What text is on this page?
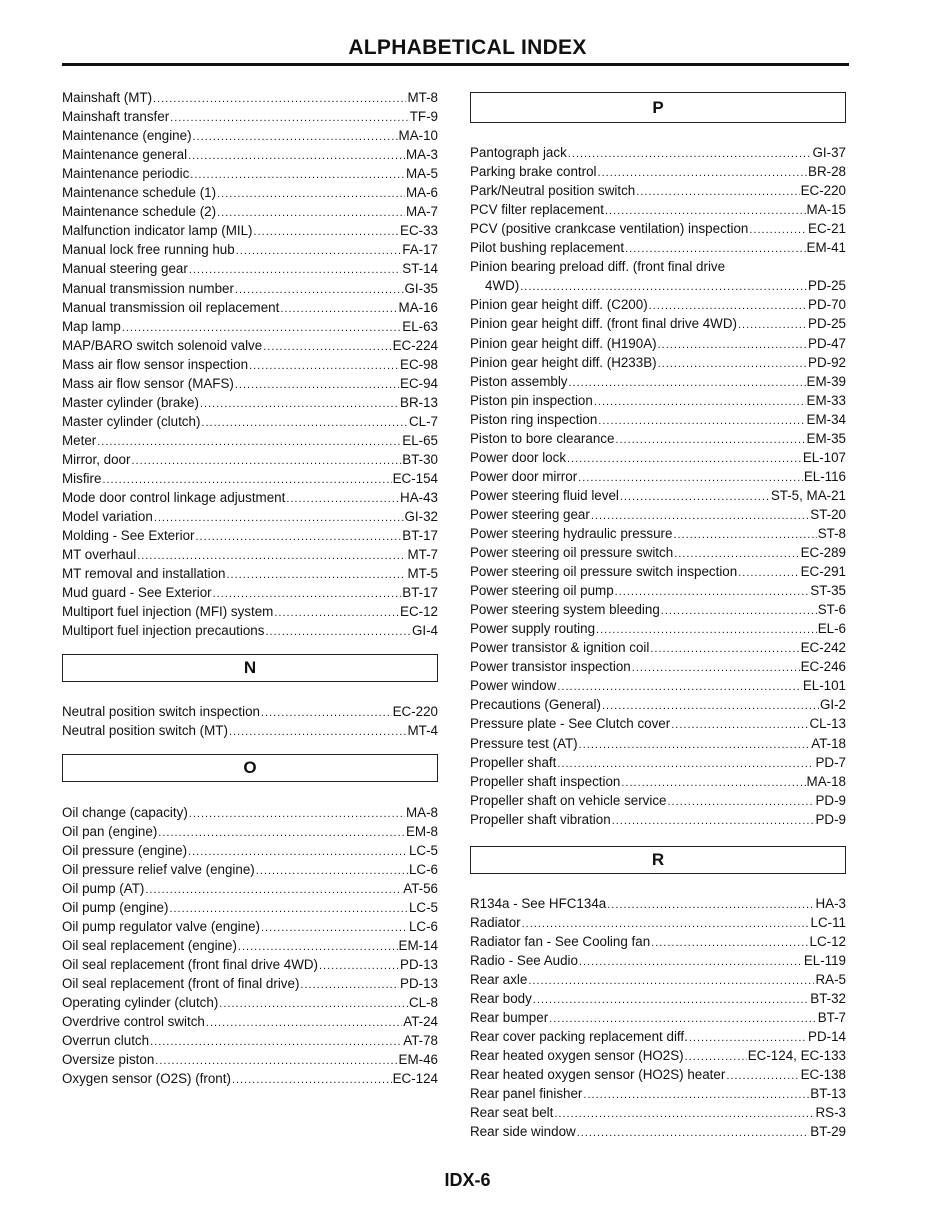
ALPHABETICAL INDEX
Mainshaft (MT) .....	MT-8
Mainshaft transfer .....	TF-9
Maintenance (engine) .....	MA-10
Maintenance general .....	MA-3
Maintenance periodic .....	MA-5
Maintenance schedule (1) .....	MA-6
Maintenance schedule (2) .....	MA-7
Malfunction indicator lamp (MIL) .....	EC-33
Manual lock free running hub .....	FA-17
Manual steering gear .....	ST-14
Manual transmission number .....	GI-35
Manual transmission oil replacement .....	MA-16
Map lamp .....	EL-63
MAP/BARO switch solenoid valve .....	EC-224
Mass air flow sensor inspection .....	EC-98
Mass air flow sensor (MAFS) .....	EC-94
Master cylinder (brake) .....	BR-13
Master cylinder (clutch) .....	CL-7
Meter .....	EL-65
Mirror, door .....	BT-30
Misfire .....	EC-154
Mode door control linkage adjustment .....	HA-43
Model variation .....	GI-32
Molding - See Exterior .....	BT-17
MT overhaul .....	MT-7
MT removal and installation .....	MT-5
Mud guard - See Exterior .....	BT-17
Multiport fuel injection (MFI) system .....	EC-12
Multiport fuel injection precautions .....	GI-4
N
Neutral position switch inspection .....	EC-220
Neutral position switch (MT) .....	MT-4
O
Oil change (capacity) .....	MA-8
Oil pan (engine) .....	EM-8
Oil pressure (engine) .....	LC-5
Oil pressure relief valve (engine) .....	LC-6
Oil pump (AT) .....	AT-56
Oil pump (engine) .....	LC-5
Oil pump regulator valve (engine) .....	LC-6
Oil seal replacement (engine) .....	EM-14
Oil seal replacement (front final drive 4WD) .....	PD-13
Oil seal replacement (front of final drive) .....	PD-13
Operating cylinder (clutch) .....	CL-8
Overdrive control switch .....	AT-24
Overrun clutch .....	AT-78
Oversize piston .....	EM-46
Oxygen sensor (O2S) (front) .....	EC-124
P
Pantograph jack .....	GI-37
Parking brake control .....	BR-28
Park/Neutral position switch .....	EC-220
PCV filter replacement .....	MA-15
PCV (positive crankcase ventilation) inspection .....	EC-21
Pilot bushing replacement .....	EM-41
Pinion bearing preload diff. (front final drive
4WD) .....	PD-25
Pinion gear height diff. (C200) .....	PD-70
Pinion gear height diff. (front final drive 4WD) .....	PD-25
Pinion gear height diff. (H190A) .....	PD-47
Pinion gear height diff. (H233B) .....	PD-92
Piston assembly .....	EM-39
Piston pin inspection .....	EM-33
Piston ring inspection .....	EM-34
Piston to bore clearance .....	EM-35
Power door lock .....	EL-107
Power door mirror .....	EL-116
Power steering fluid level .....	ST-5, MA-21
Power steering gear .....	ST-20
Power steering hydraulic pressure .....	ST-8
Power steering oil pressure switch .....	EC-289
Power steering oil pressure switch inspection .....	EC-291
Power steering oil pump .....	ST-35
Power steering system bleeding .....	ST-6
Power supply routing .....	EL-6
Power transistor & ignition coil .....	EC-242
Power transistor inspection .....	EC-246
Power window .....	EL-101
Precautions (General) .....	GI-2
Pressure plate - See Clutch cover .....	CL-13
Pressure test (AT) .....	AT-18
Propeller shaft .....	PD-7
Propeller shaft inspection .....	MA-18
Propeller shaft on vehicle service .....	PD-9
Propeller shaft vibration .....	PD-9
R
R134a - See HFC134a .....	HA-3
Radiator .....	LC-11
Radiator fan - See Cooling fan .....	LC-12
Radio - See Audio .....	EL-119
Rear axle .....	RA-5
Rear body .....	BT-32
Rear bumper .....	BT-7
Rear cover packing replacement diff. .....	PD-14
Rear heated oxygen sensor (HO2S) .....	EC-124, EC-133
Rear heated oxygen sensor (HO2S) heater .....	EC-138
Rear panel finisher .....	BT-13
Rear seat belt .....	RS-3
Rear side window .....	BT-29
IDX-6
